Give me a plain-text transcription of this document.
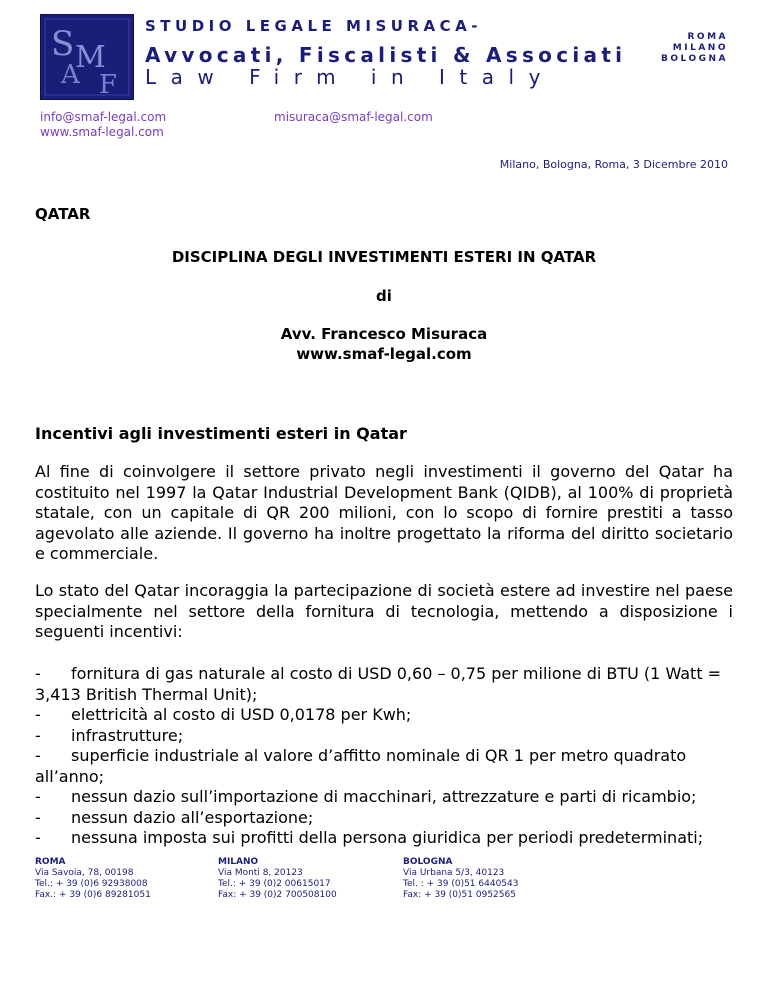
S M
A F
STUDIO LEGALE MISURACA-
Avvocati, Fiscalisti & Associati
Law Firm in Italy
ROMA
MILANO
BOLOGNA
info@smaf-legal.com
www.smaf-legal.com
misuraca@smaf-legal.com
Milano, Bologna, Roma, 3 Dicembre 2010
QATAR
DISCIPLINA DEGLI INVESTIMENTI ESTERI IN QATAR
di
Avv. Francesco Misuraca
www.smaf-legal.com
Incentivi agli investimenti esteri in Qatar
Al fine di coinvolgere il settore privato negli investimenti il governo del Qatar ha costituito nel 1997 la Qatar Industrial Development Bank (QIDB), al 100% di proprietà statale, con un capitale di QR 200 milioni, con lo scopo di fornire prestiti a tasso agevolato alle aziende. Il governo ha inoltre progettato la riforma del diritto societario e commerciale.
Lo stato del Qatar incoraggia la partecipazione di società estere ad investire nel paese specialmente nel settore della fornitura di tecnologia, mettendo a disposizione i seguenti incentivi:
- fornitura di gas naturale al costo di USD 0,60 – 0,75 per milione di BTU (1 Watt = 3,413 British Thermal Unit);
- elettricità al costo di USD 0,0178 per Kwh;
- infrastrutture;
- superficie industriale al valore d’affitto nominale di QR 1 per metro quadrato all’anno;
- nessun dazio sull’importazione di macchinari, attrezzature e parti di ricambio;
- nessun dazio all’esportazione;
- nessuna imposta sui profitti della persona giuridica per periodi predeterminati;
ROMA
Via Savoia, 78, 00198
Tel.: + 39 (0)6 92938008
Fax.: + 39 (0)6 89281051
MILANO
Via Monti 8, 20123
Tel.: + 39 (0)2 00615017
Fax: + 39 (0)2 700508100
BOLOGNA
Via Urbana 5/3, 40123
Tel. : + 39 (0)51 6440543
Fax: + 39 (0)51 0952565
